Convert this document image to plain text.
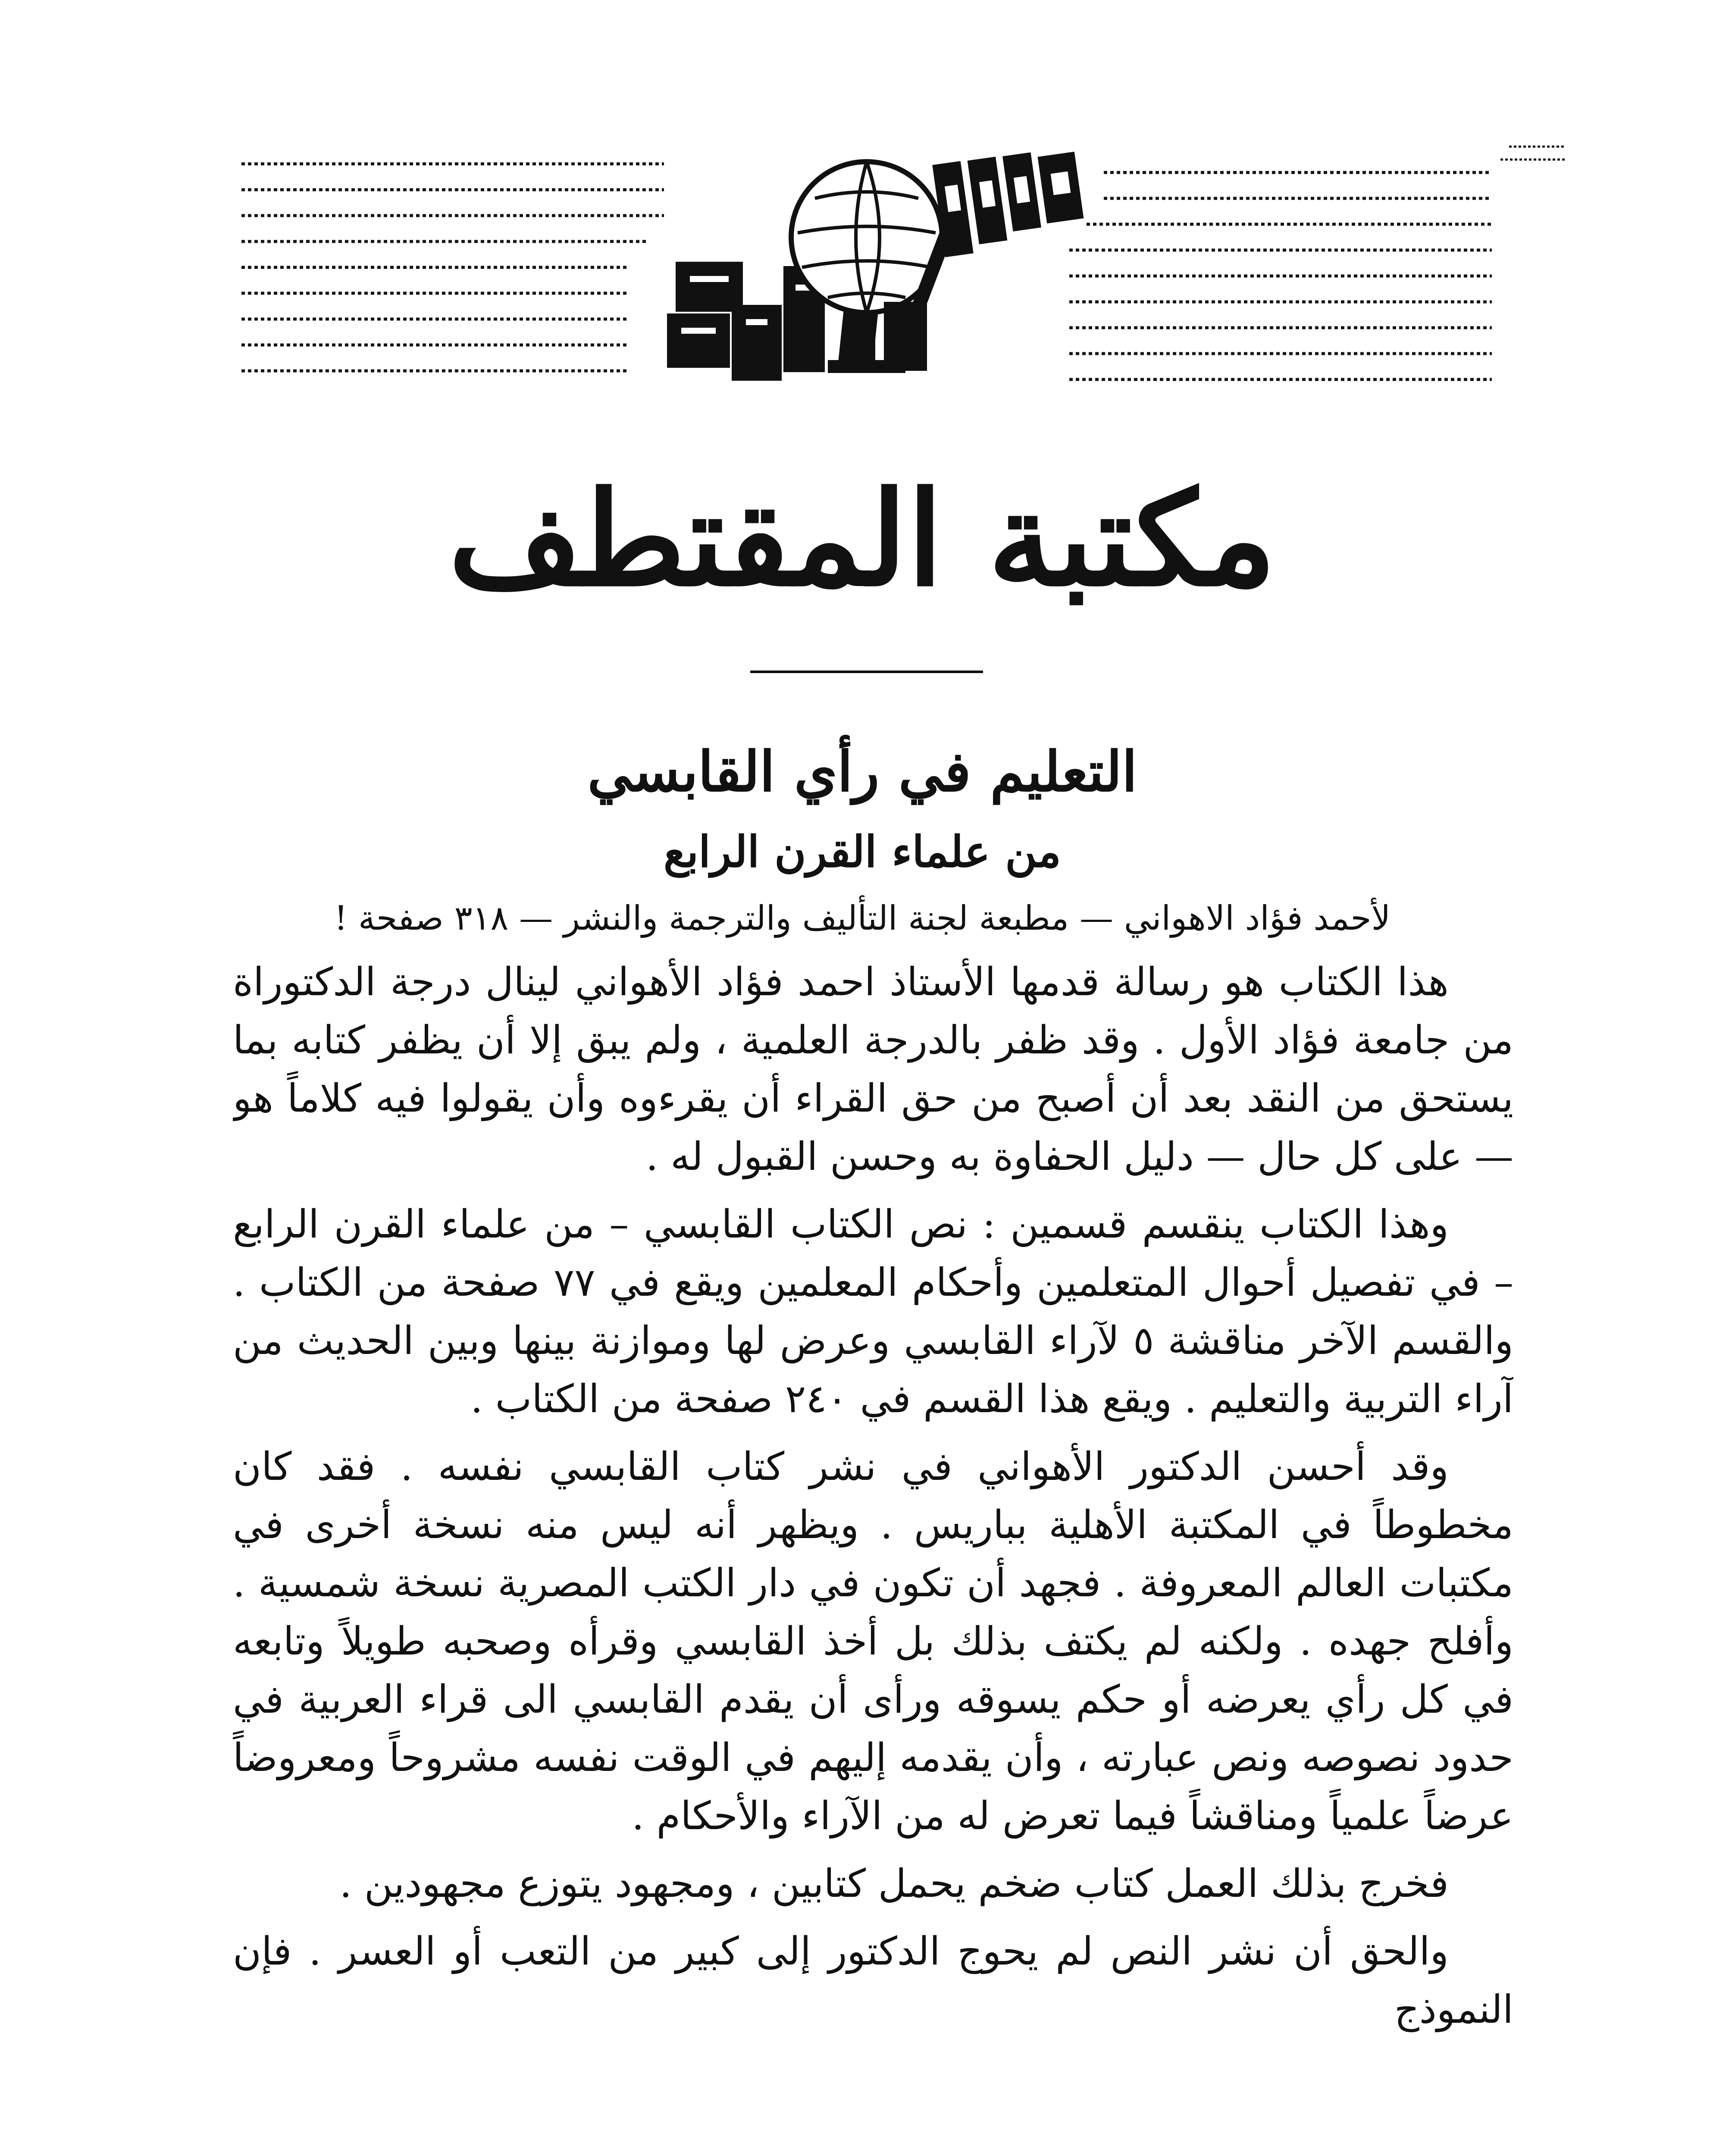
مكتبة المقتطف
التعليم في رأي القابسي
من علماء القرن الرابع
لأحمد فؤاد الاهواني — مطبعة لجنة التأليف والترجمة والنشر — ٣١٨ صفحة !

هذا الكتاب هو رسالة قدمها الأستاذ احمد فؤاد الأهواني لينال درجة الدكتوراة من جامعة فؤاد الأول . وقد ظفر بالدرجة العلمية ، ولم يبق إلا أن يظفر كتابه بما يستحق من النقد بعد أن أصبح من حق القراء أن يقرءوه وأن يقولوا فيه كلاماً هو — على كل حال — دليل الحفاوة به وحسن القبول له .

وهذا الكتاب ينقسم قسمين : نص الكتاب القابسي – من علماء القرن الرابع – في تفصيل أحوال المتعلمين وأحكام المعلمين ويقع في ٧٧ صفحة من الكتاب . والقسم الآخر مناقشة ٥ لآراء القابسي وعرض لها وموازنة بينها وبين الحديث من آراء التربية والتعليم . ويقع هذا القسم في ٢٤٠ صفحة من الكتاب .

وقد أحسن الدكتور الأهواني في نشر كتاب القابسي نفسه . فقد كان مخطوطاً في المكتبة الأهلية بباريس . ويظهر أنه ليس منه نسخة أخرى في مكتبات العالم المعروفة . فجهد أن تكون في دار الكتب المصرية نسخة شمسية . وأفلح جهده . ولكنه لم يكتف بذلك بل أخذ القابسي وقرأه وصحبه طويلاً وتابعه في كل رأي يعرضه أو حكم يسوقه ورأى أن يقدم القابسي الى قراء العربية في حدود نصوصه ونص عبارته ، وأن يقدمه إليهم في الوقت نفسه مشروحاً ومعروضاً عرضاً علمياً ومناقشاً فيما تعرض له من الآراء والأحكام .

فخرج بذلك العمل كتاب ضخم يحمل كتابين ، ومجهود يتوزع مجهودين .

والحق أن نشر النص لم يحوج الدكتور إلى كبير من التعب أو العسر . فإن النموذج
